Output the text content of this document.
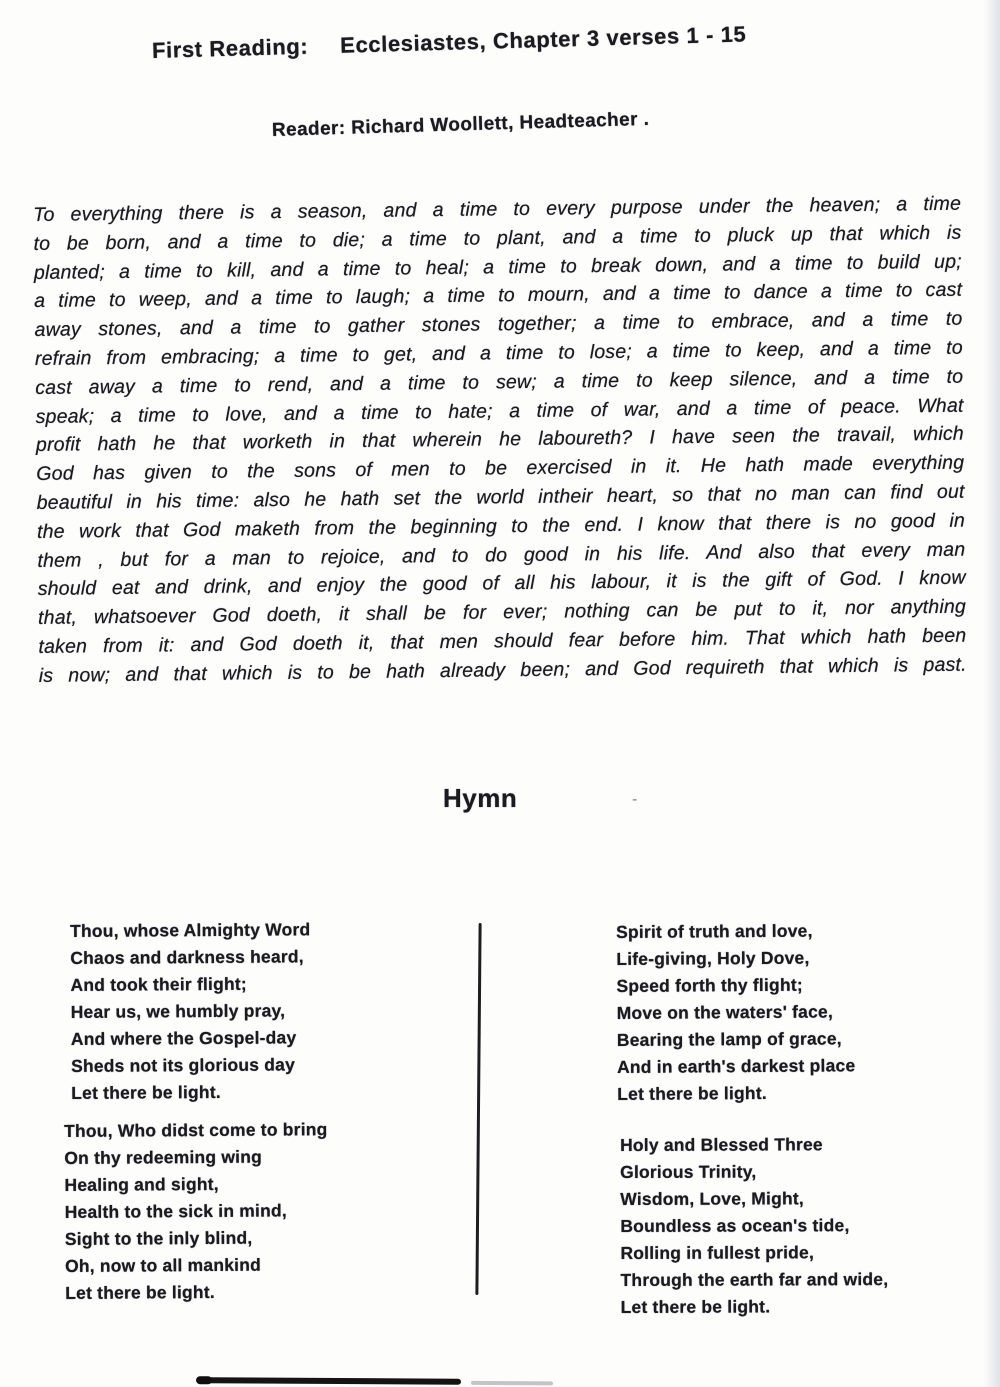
First Reading: Ecclesiastes, Chapter 3 verses 1 - 15
Reader: Richard Woollett, Headteacher .
To everything there is a season, and a time to every purpose under the heaven; a time
to be born, and a time to die; a time to plant, and a time to pluck up that which is
planted; a time to kill, and a time to heal; a time to break down, and a time to build up;
a time to weep, and a time to laugh; a time to mourn, and a time to dance a time to cast
away stones, and a time to gather stones together; a time to embrace, and a time to
refrain from embracing; a time to get, and a time to lose; a time to keep, and a time to
cast away a time to rend, and a time to sew; a time to keep silence, and a time to
speak; a time to love, and a time to hate; a time of war, and a time of peace. What
profit hath he that worketh in that wherein he laboureth? I have seen the travail, which
God has given to the sons of men to be exercised in it. He hath made everything
beautiful in his time: also he hath set the world intheir heart, so that no man can find out
the work that God maketh from the beginning to the end. I know that there is no good in
them , but for a man to rejoice, and to do good in his life. And also that every man
should eat and drink, and enjoy the good of all his labour, it is the gift of God. I know
that, whatsoever God doeth, it shall be for ever; nothing can be put to it, nor anything
taken from it: and God doeth it, that men should fear before him. That which hath been
is now; and that which is to be hath already been; and God requireth that which is past.
Hymn	-
Thou, whose Almighty Word
Chaos and darkness heard,
And took their flight;
Hear us, we humbly pray,
And where the Gospel-day
Sheds not its glorious day
Let there be light.
Thou, Who didst come to bring
On thy redeeming wing
Healing and sight,
Health to the sick in mind,
Sight to the inly blind,
Oh, now to all mankind
Let there be light.
Spirit of truth and love,
Life-giving, Holy Dove,
Speed forth thy flight;
Move on the waters' face,
Bearing the lamp of grace,
And in earth's darkest place
Let there be light.
Holy and Blessed Three
Glorious Trinity,
Wisdom, Love, Might,
Boundless as ocean's tide,
Rolling in fullest pride,
Through the earth far and wide,
Let there be light.
